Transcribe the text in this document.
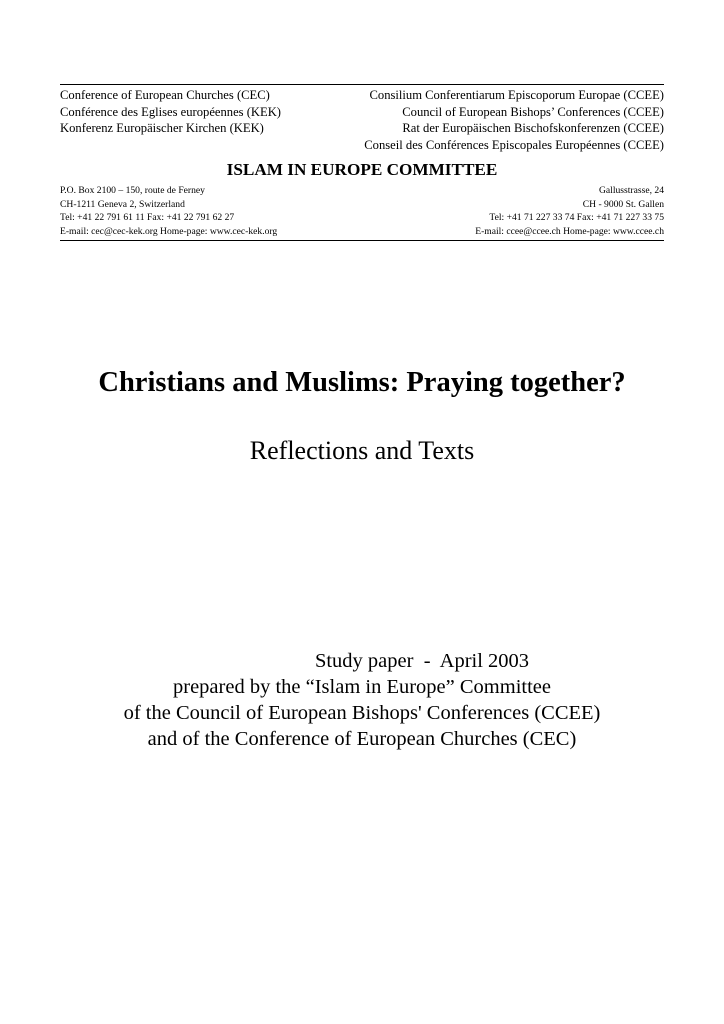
Conference of European Churches (CEC)
Conférence des Eglises européennes (KEK)
Konferenz Europäischer Kirchen (KEK)
Consilium Conferentiarum Episcoporum Europae (CCEE)
Council of European Bishops’ Conferences (CCEE)
Rat der Europäischen Bischofskonferenzen (CCEE)
Conseil des Conférences Episcopales Européennes (CCEE)
ISLAM IN EUROPE COMMITTEE
P.O. Box 2100 – 150, route de Ferney
CH-1211 Geneva 2, Switzerland
Tel: +41 22 791 61 11 Fax: +41 22 791 62 27
E-mail: cec@cec-kek.org Home-page: www.cec-kek.org
Gallusstrasse, 24
CH - 9000 St. Gallen
Tel: +41 71 227 33 74 Fax: +41 71 227 33 75
E-mail: ccee@ccee.ch Home-page: www.ccee.ch
Christians and Muslims: Praying together?
Reflections and Texts
Study paper  -  April 2003
prepared by the “Islam in Europe” Committee
of the Council of European Bishops' Conferences (CCEE)
and of the Conference of European Churches (CEC)
